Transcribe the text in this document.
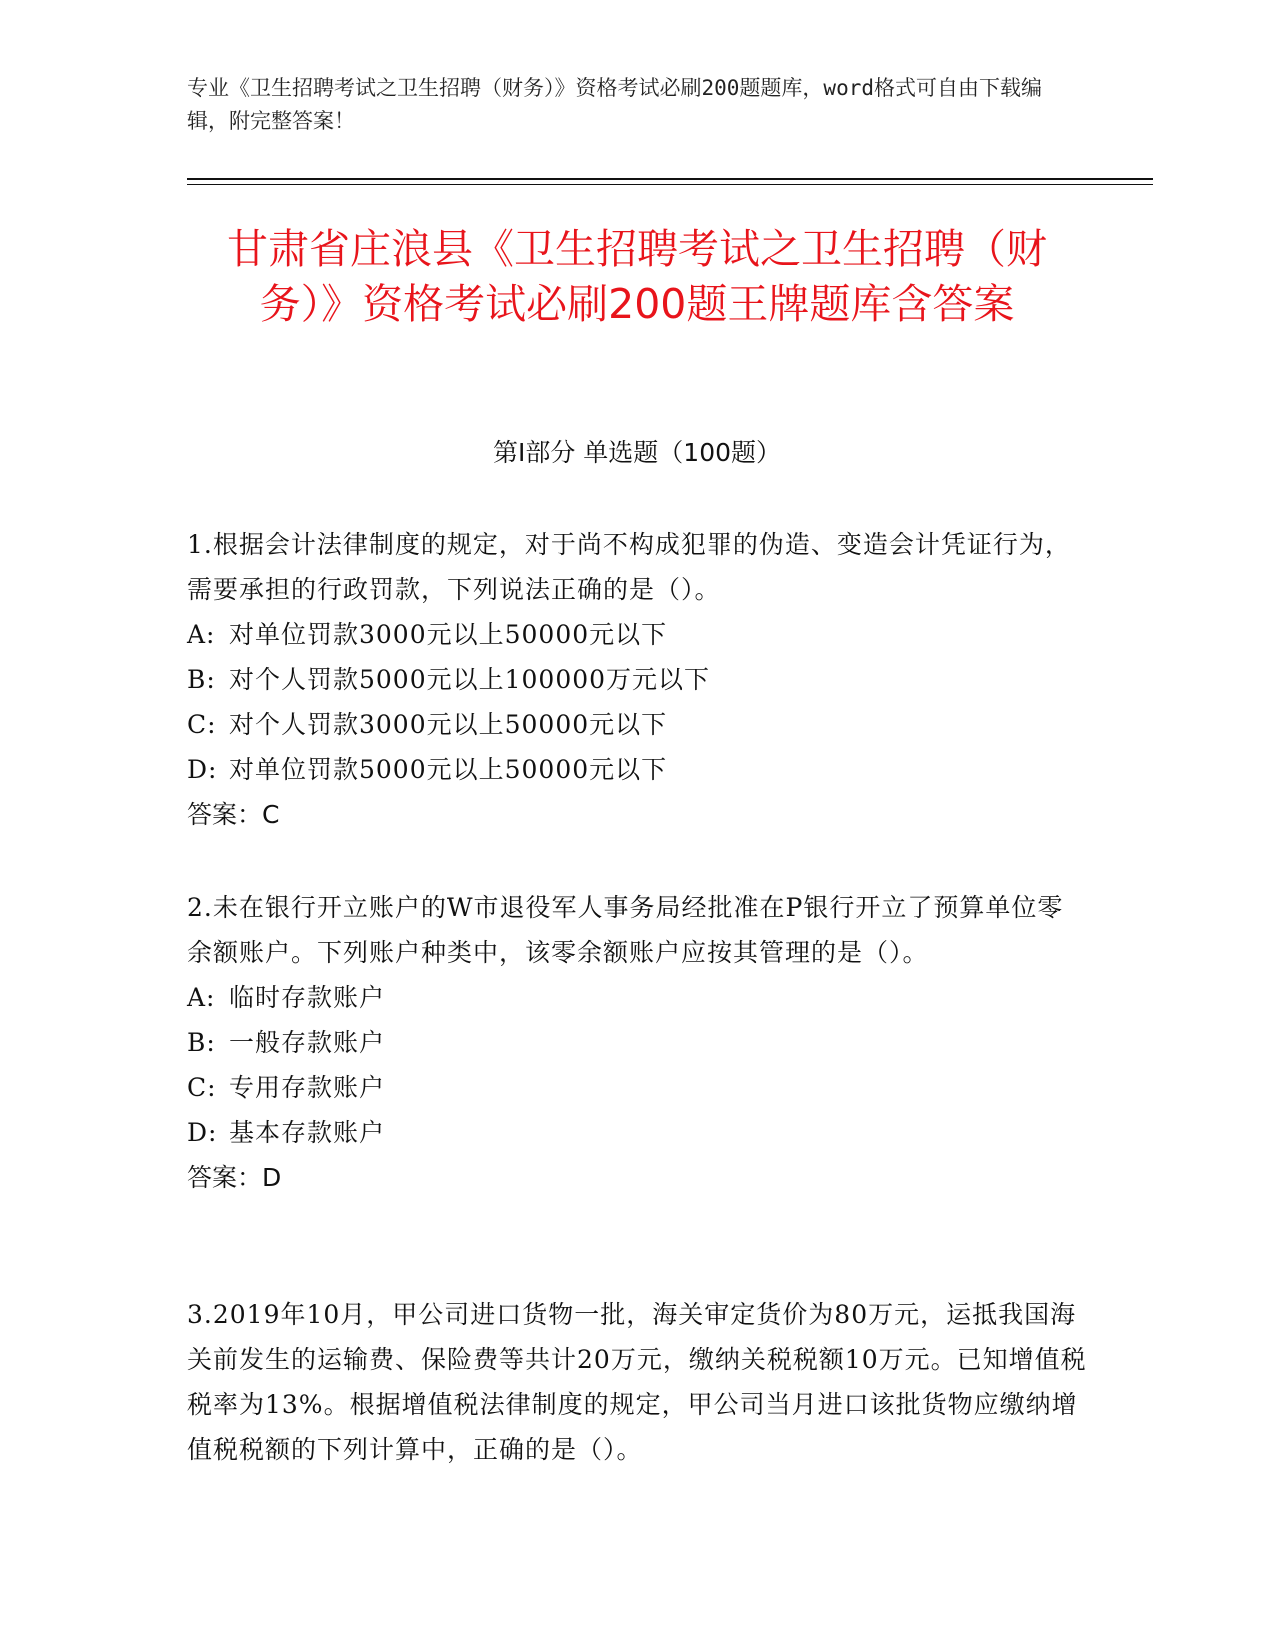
专业《卫生招聘考试之卫生招聘（财务）》资格考试必刷200题题库，word格式可自由下载编辑，附完整答案！
甘肃省庄浪县《卫生招聘考试之卫生招聘（财务）》资格考试必刷200题王牌题库含答案
第Ⅰ部分 单选题（100题）
1.根据会计法律制度的规定，对于尚不构成犯罪的伪造、变造会计凭证行为，需要承担的行政罚款，下列说法正确的是（）。
A: 对单位罚款3000元以上50000元以下
B: 对个人罚款5000元以上100000万元以下
C: 对个人罚款3000元以上50000元以下
D: 对单位罚款5000元以上50000元以下
答案：C
2.未在银行开立账户的W市退役军人事务局经批准在P银行开立了预算单位零余额账户。下列账户种类中，该零余额账户应按其管理的是（）。
A: 临时存款账户
B: 一般存款账户
C: 专用存款账户
D: 基本存款账户
答案：D
3.2019年10月，甲公司进口货物一批，海关审定货价为80万元，运抵我国海关前发生的运输费、保险费等共计20万元，缴纳关税税额10万元。已知增值税税率为13%。根据增值税法律制度的规定，甲公司当月进口该批货物应缴纳增值税税额的下列计算中，正确的是（）。
